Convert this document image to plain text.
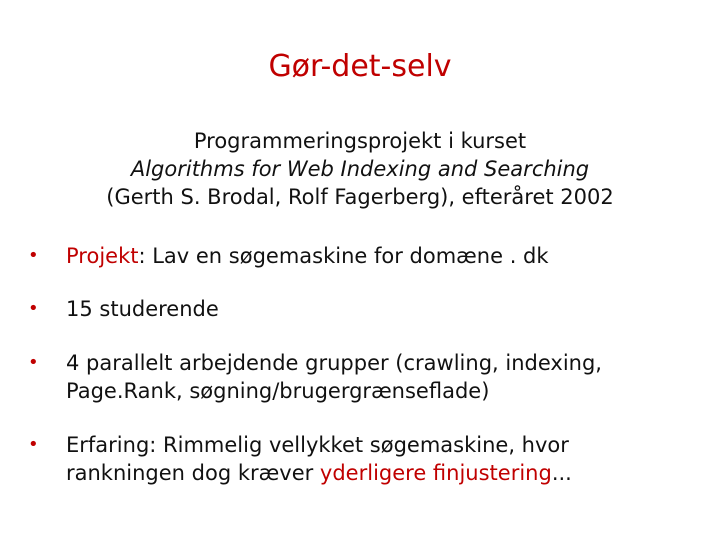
Gør-det-selv
Programmeringsprojekt i kurset
Algorithms for Web Indexing and Searching
(Gerth S. Brodal, Rolf Fagerberg), efteråret 2002
•	Projekt: Lav en søgemaskine for domæne . dk
•	15 studerende
•	4 parallelt arbejdende grupper (crawling, indexing,
Page.Rank, søgning/brugergrænseflade)
•	Erfaring: Rimmelig vellykket søgemaskine, hvor
rankningen dog kræver yderligere finjustering...
